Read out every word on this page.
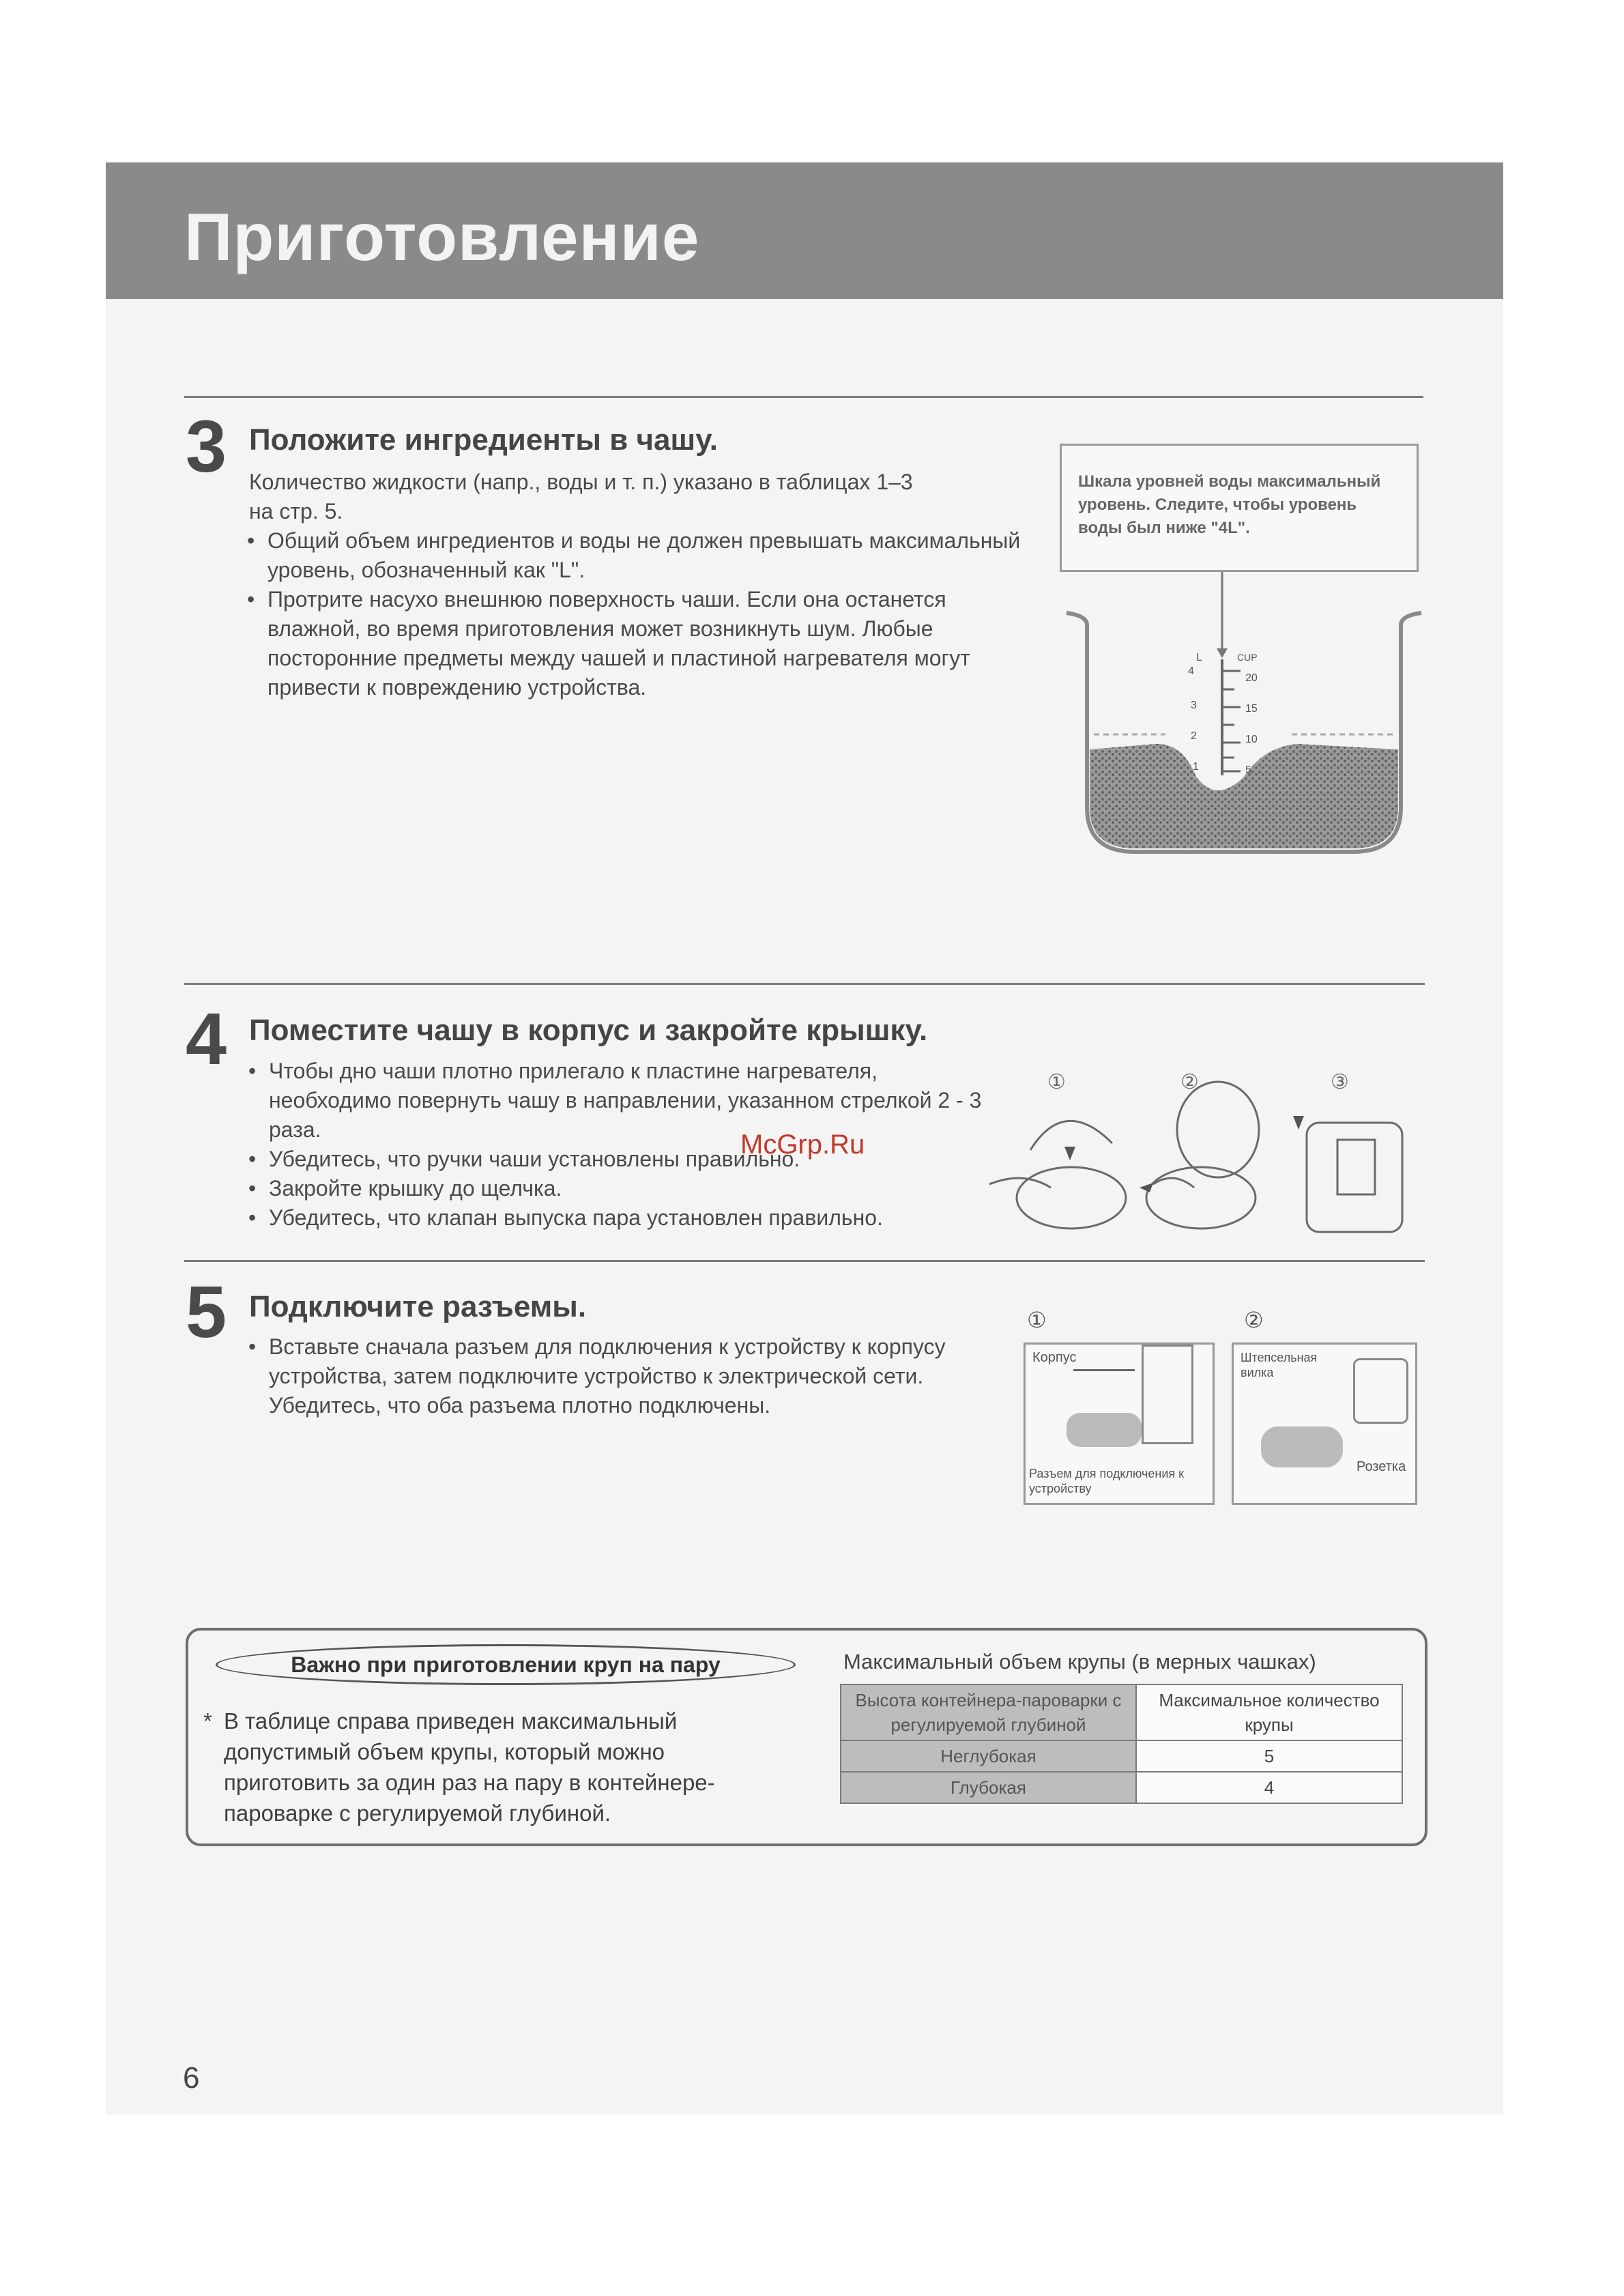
Приготовление
3 Положите ингредиенты в чашу.
Количество жидкости (напр., воды и т. п.) указано в таблицах 1–3
на стр. 5.
• Общий объем ингредиентов и воды не должен превышать максимальный уровень, обозначенный как "L".
• Протрите насухо внешнюю поверхность чаши. Если она останется влажной, во время приготовления может возникнуть шум. Любые посторонние предметы между чашей и пластиной нагревателя могут привести к повреждению устройства.
Шкала уровней воды максимальный уровень. Следите, чтобы уровень воды был ниже "4L".
L	CUP
4
3
2
1
20
15
10
5
4 Поместите чашу в корпус и закройте крышку.
• Чтобы дно чаши плотно прилегало к пластине нагревателя, необходимо повернуть чашу в направлении, указанном стрелкой 2 - 3 раза.
• Убедитесь, что ручки чаши установлены правильно.
• Закройте крышку до щелчка.
• Убедитесь, что клапан выпуска пара установлен правильно.
McGrp.Ru
①	②	③
5 Подключите разъемы.
• Вставьте сначала разъем для подключения к устройству к корпусу устройства, затем подключите устройство к электрической сети. Убедитесь, что оба разъема плотно подключены.
①
Корпус
Разъем для подключения к устройству
②
Штепсельная вилка
Розетка
Важно при приготовлении круп на пару
* В таблице справа приведен максимальный допустимый объем крупы, который можно приготовить за один раз на пару в контейнере-пароварке с регулируемой глубиной.
Максимальный объем крупы (в мерных чашках)
Высота контейнера-пароварки с регулируемой глубиной	Максимальное количество крупы
Неглубокая	5
Глубокая	4
6
